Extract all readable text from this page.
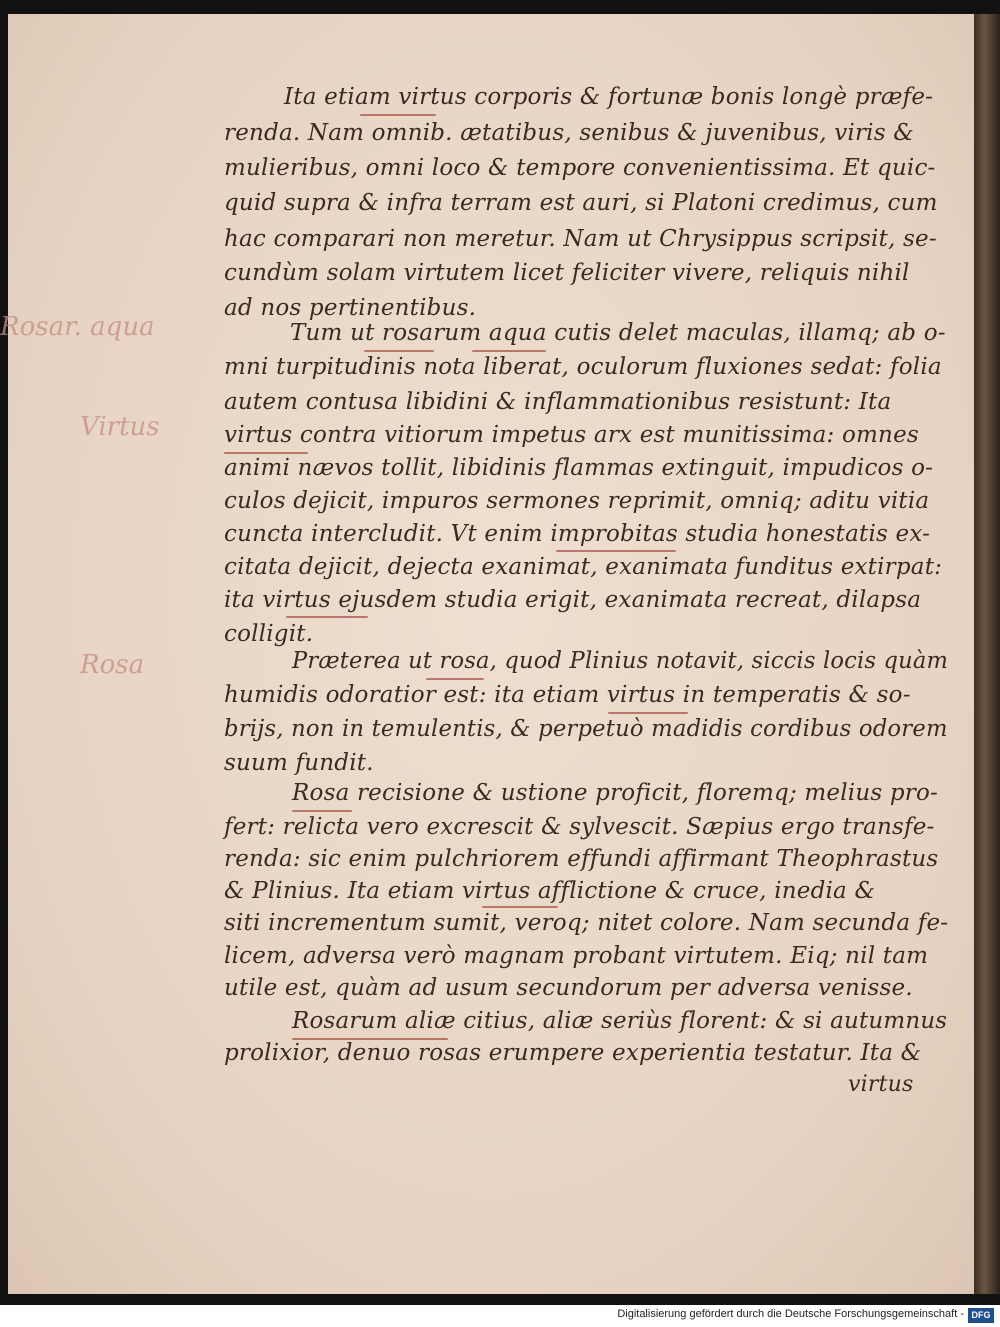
Rosar. aqua
Virtus
Rosa
Ita etiam virtus corporis & fortunæ bonis longè præfe-
renda. Nam omnib. ætatibus, senibus & juvenibus, viris &
mulieribus, omni loco & tempore convenientissima. Et quic-
quid supra & infra terram est auri, si Platoni credimus, cum
hac comparari non meretur. Nam ut Chrysippus scripsit, se-
cundùm solam virtutem licet feliciter vivere, reliquis nihil
ad nos pertinentibus.
Tum ut rosarum aqua cutis delet maculas, illamq; ab o-
mni turpitudinis nota liberat, oculorum fluxiones sedat: folia
autem contusa libidini & inflammationibus resistunt: Ita
virtus contra vitiorum impetus arx est munitissima: omnes
animi nævos tollit, libidinis flammas extinguit, impudicos o-
culos dejicit, impuros sermones reprimit, omniq; aditu vitia
cuncta intercludit. Vt enim improbitas studia honestatis ex-
citata dejicit, dejecta exanimat, exanimata funditus extirpat:
ita virtus ejusdem studia erigit, exanimata recreat, dilapsa
colligit.
Præterea ut rosa, quod Plinius notavit, siccis locis quàm
humidis odoratior est: ita etiam virtus in temperatis & so-
brijs, non in temulentis, & perpetuò madidis cordibus odorem
suum fundit.
Rosa recisione & ustione proficit, floremq; melius pro-
fert: relicta vero excrescit & sylvescit. Sæpius ergo transfe-
renda: sic enim pulchriorem effundi affirmant Theophrastus
& Plinius. Ita etiam virtus afflictione & cruce, inedia &
siti incrementum sumit, veroq; nitet colore. Nam secunda fe-
licem, adversa verò magnam probant virtutem. Eiq; nil tam
utile est, quàm ad usum secundorum per adversa venisse.
Rosarum aliæ citius, aliæ seriùs florent: & si autumnus
prolixior, denuo rosas erumpere experientia testatur. Ita &
virtus
Digitalisierung gefördert durch die Deutsche Forschungsgemeinschaft - DFG
